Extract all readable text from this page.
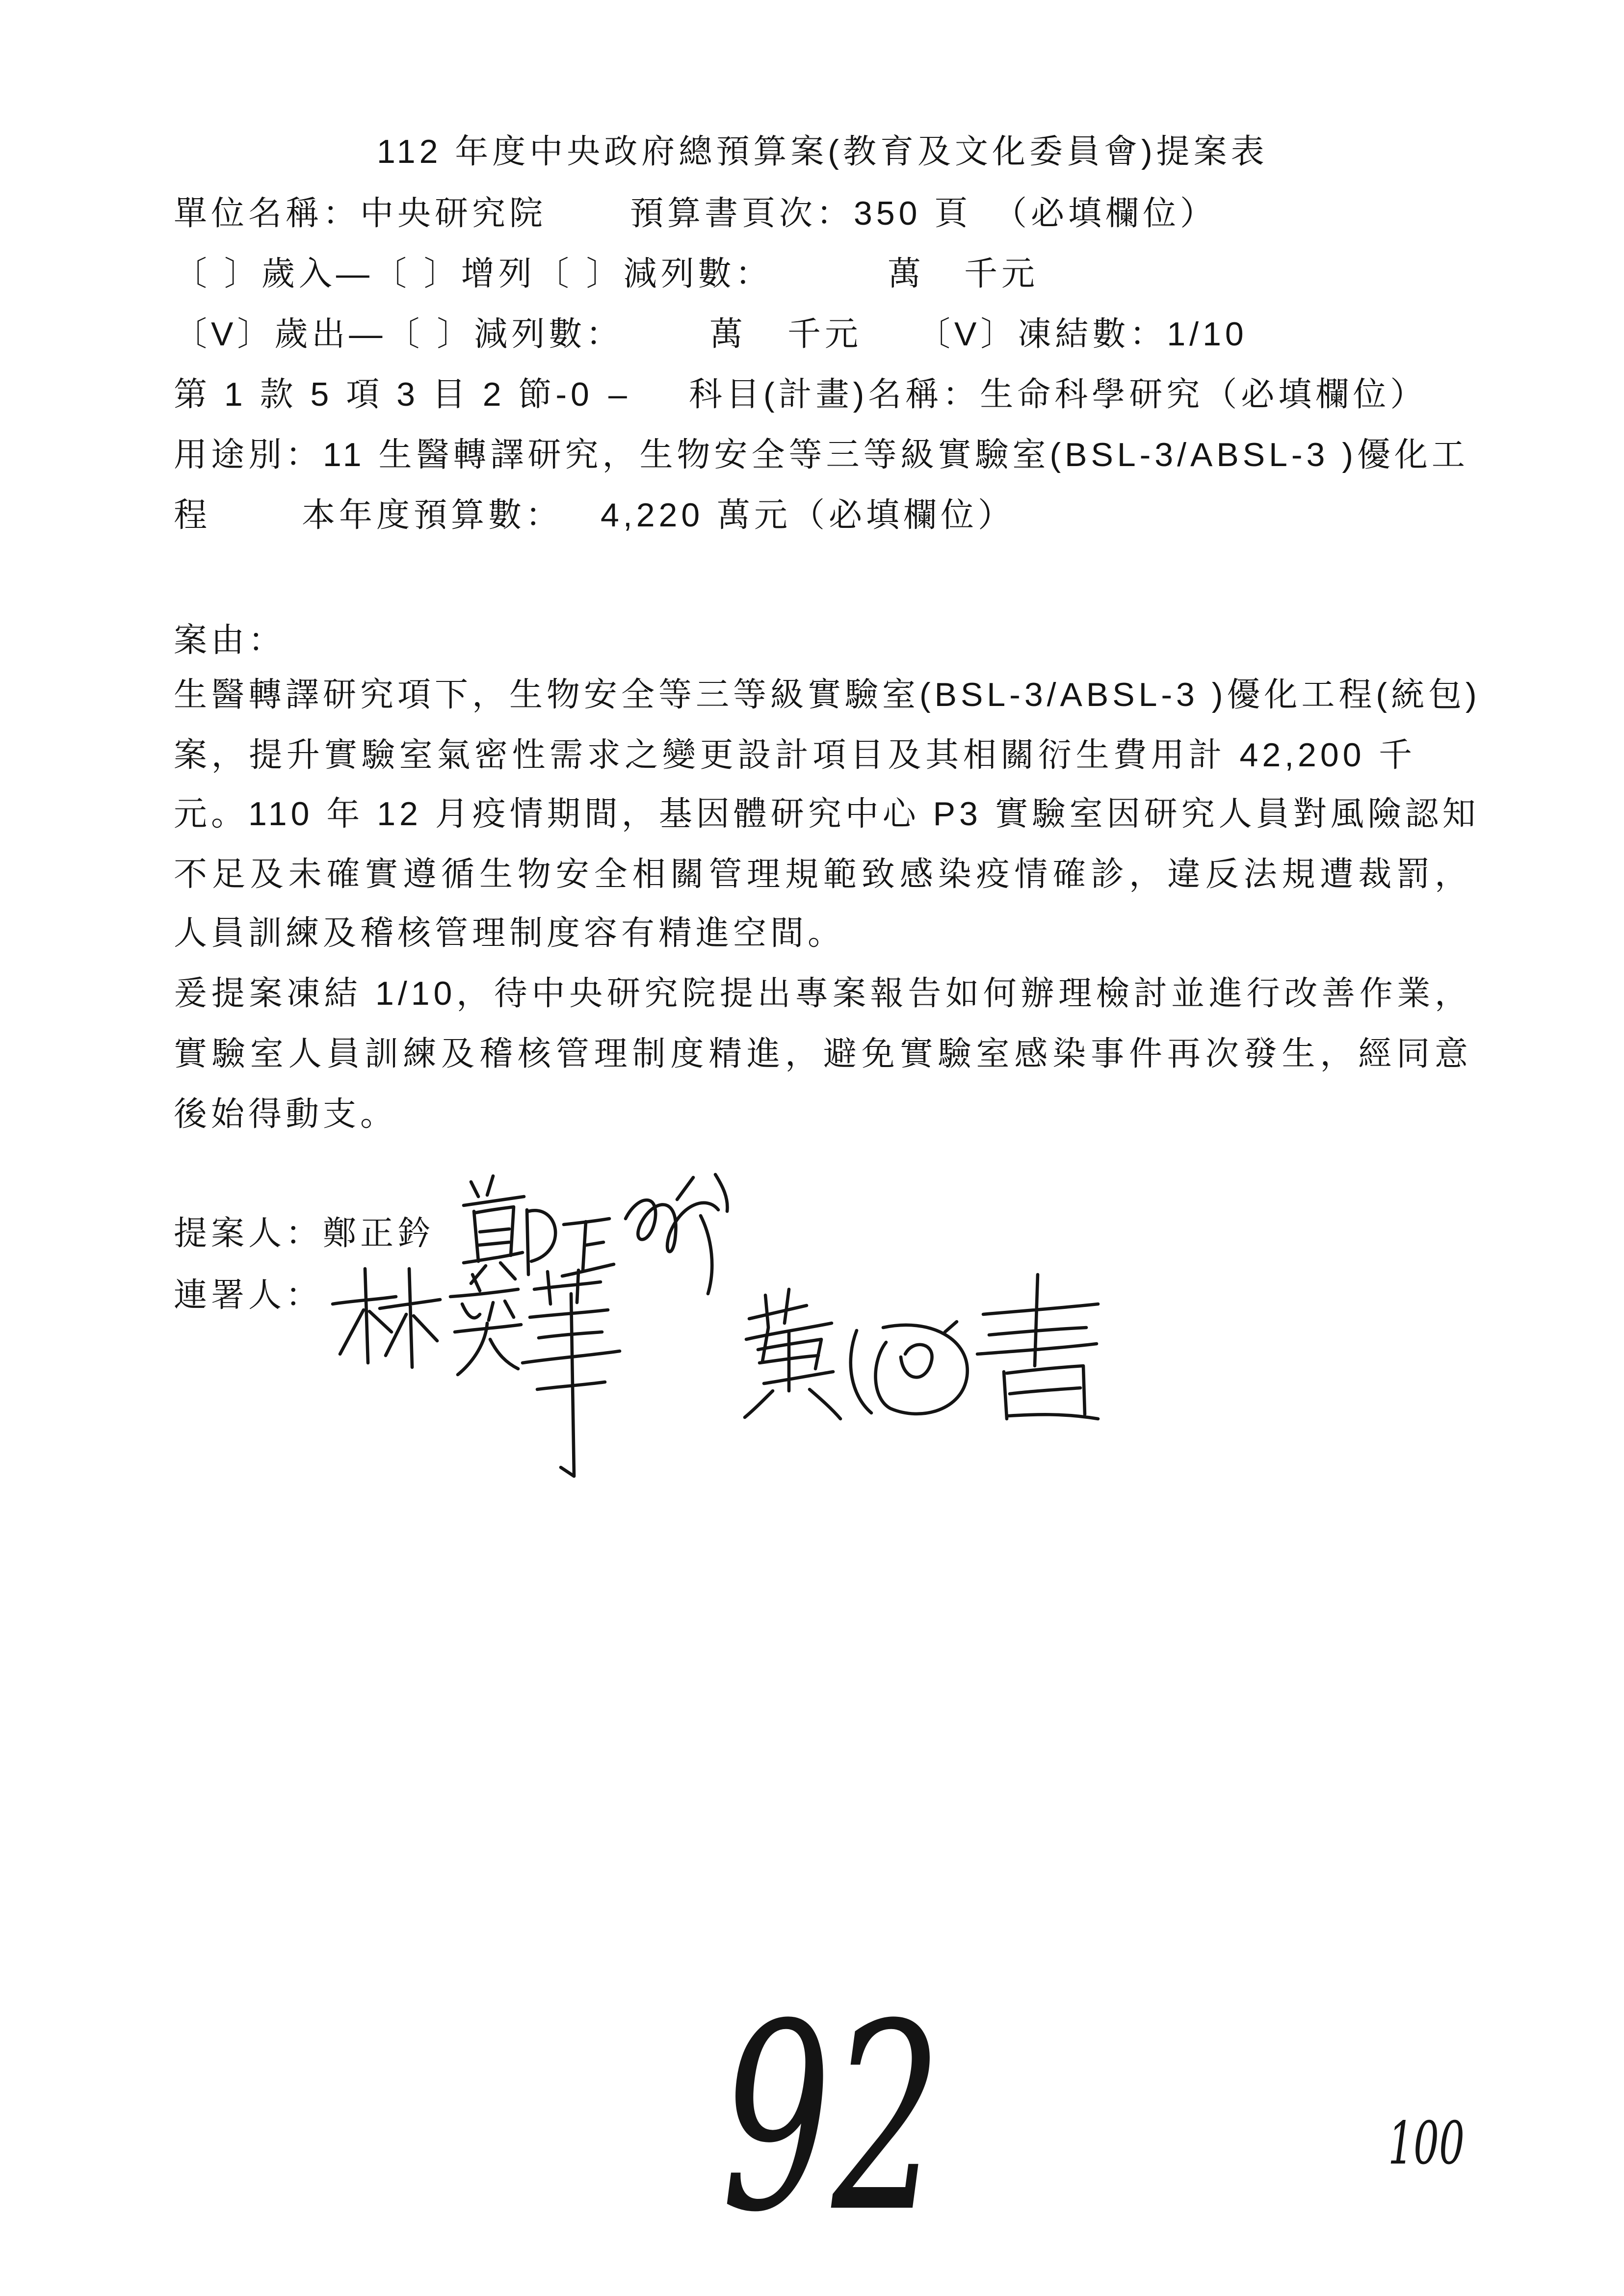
112 年度中央政府總預算案(教育及文化委員會)提案表
單位名稱：中央研究院 預算書頁次：350 頁 （必填欄位）
〔 〕歲入—〔 〕增列〔 〕減列數：	萬 千元
〔V〕歲出—〔 〕減列數：	萬 千元 〔V〕凍結數：1/10
第 1 款 5 項 3 目 2 節-0 – 科目(計畫)名稱：生命科學研究（必填欄位）
用途別：11 生醫轉譯研究，生物安全等三等級實驗室(BSL-3/ABSL-3 )優化工
程	本年度預算數： 4,220 萬元（必填欄位）
案由：
生醫轉譯研究項下，生物安全等三等級實驗室(BSL-3/ABSL-3 )優化工程(統包)
案，提升實驗室氣密性需求之變更設計項目及其相關衍生費用計 42,200 千
元。110 年 12 月疫情期間，基因體研究中心 P3 實驗室因研究人員對風險認知
不足及未確實遵循生物安全相關管理規範致感染疫情確診，違反法規遭裁罰，
人員訓練及稽核管理制度容有精進空間。
爰提案凍結 1/10，待中央研究院提出專案報告如何辦理檢討並進行改善作業，
實驗室人員訓練及稽核管理制度精進，避免實驗室感染事件再次發生，經同意
後始得動支。
提案人：鄭正鈐
連署人：
92	100
